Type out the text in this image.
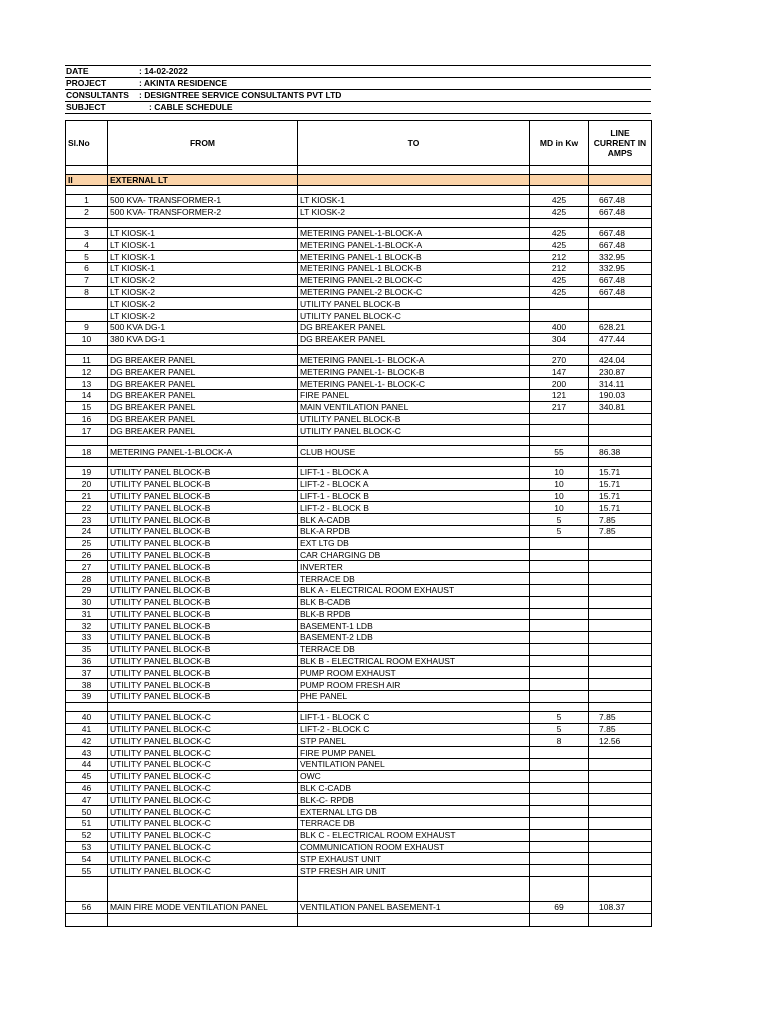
DATE	: 14-02-2022
PROJECT	: AKINTA RESIDENCE
CONSULTANTS : DESIGNTREE SERVICE CONSULTANTS PVT LTD
SUBJECT	: CABLE SCHEDULE
Sl.No	FROM	TO	MD in Kw	LINE CURRENT IN AMPS

II	EXTERNAL LT			

1	500 KVA- TRANSFORMER-1	LT KIOSK-1	425	667.48
2	500 KVA- TRANSFORMER-2	LT KIOSK-2	425	667.48

3	LT KIOSK-1	METERING PANEL-1-BLOCK-A	425	667.48
4	LT KIOSK-1	METERING PANEL-1-BLOCK-A	425	667.48
5	LT KIOSK-1	METERING PANEL-1 BLOCK-B	212	332.95
6	LT KIOSK-1	METERING PANEL-1 BLOCK-B	212	332.95
7	LT KIOSK-2	METERING PANEL-2 BLOCK-C	425	667.48
8	LT KIOSK-2	METERING PANEL-2 BLOCK-C	425	667.48
	LT KIOSK-2	UTILITY PANEL BLOCK-B		
	LT KIOSK-2	UTILITY PANEL BLOCK-C		
9	500 KVA DG-1	DG BREAKER PANEL	400	628.21
10	380 KVA DG-1	DG BREAKER PANEL	304	477.44

11	DG BREAKER PANEL	METERING PANEL-1- BLOCK-A	270	424.04
12	DG BREAKER PANEL	METERING PANEL-1- BLOCK-B	147	230.87
13	DG BREAKER PANEL	METERING PANEL-1- BLOCK-C	200	314.11
14	DG BREAKER PANEL	FIRE PANEL	121	190.03
15	DG BREAKER PANEL	MAIN VENTILATION PANEL	217	340.81
16	DG BREAKER PANEL	UTILITY PANEL BLOCK-B		
17	DG BREAKER PANEL	UTILITY PANEL BLOCK-C		

18	METERING PANEL-1-BLOCK-A	CLUB HOUSE	55	86.38

19	UTILITY PANEL BLOCK-B	LIFT-1 - BLOCK A	10	15.71
20	UTILITY PANEL BLOCK-B	LIFT-2 - BLOCK A	10	15.71
21	UTILITY PANEL BLOCK-B	LIFT-1 - BLOCK B	10	15.71
22	UTILITY PANEL BLOCK-B	LIFT-2 - BLOCK B	10	15.71
23	UTILITY PANEL BLOCK-B	BLK A-CADB	5	7.85
24	UTILITY PANEL BLOCK-B	BLK-A RPDB	5	7.85
25	UTILITY PANEL BLOCK-B	EXT LTG DB		
26	UTILITY PANEL BLOCK-B	CAR CHARGING DB		
27	UTILITY PANEL BLOCK-B	INVERTER		
28	UTILITY PANEL BLOCK-B	TERRACE DB		
29	UTILITY PANEL BLOCK-B	BLK A - ELECTRICAL ROOM EXHAUST		
30	UTILITY PANEL BLOCK-B	BLK B-CADB		
31	UTILITY PANEL BLOCK-B	BLK-B RPDB		
32	UTILITY PANEL BLOCK-B	BASEMENT-1 LDB		
33	UTILITY PANEL BLOCK-B	BASEMENT-2 LDB		
35	UTILITY PANEL BLOCK-B	TERRACE DB		
36	UTILITY PANEL BLOCK-B	BLK B - ELECTRICAL ROOM EXHAUST		
37	UTILITY PANEL BLOCK-B	PUMP ROOM EXHAUST		
38	UTILITY PANEL BLOCK-B	PUMP ROOM FRESH AIR		
39	UTILITY PANEL BLOCK-B	PHE PANEL		

40	UTILITY PANEL BLOCK-C	LIFT-1 - BLOCK C	5	7.85
41	UTILITY PANEL BLOCK-C	LIFT-2 - BLOCK C	5	7.85
42	UTILITY PANEL BLOCK-C	STP PANEL	8	12.56
43	UTILITY PANEL BLOCK-C	FIRE PUMP PANEL		
44	UTILITY PANEL BLOCK-C	VENTILATION PANEL		
45	UTILITY PANEL BLOCK-C	OWC		
46	UTILITY PANEL BLOCK-C	BLK C-CADB		
47	UTILITY PANEL BLOCK-C	BLK-C- RPDB		
50	UTILITY PANEL BLOCK-C	EXTERNAL LTG DB		
51	UTILITY PANEL BLOCK-C	TERRACE DB		
52	UTILITY PANEL BLOCK-C	BLK C - ELECTRICAL ROOM EXHAUST		
53	UTILITY PANEL BLOCK-C	COMMUNICATION ROOM EXHAUST		
54	UTILITY PANEL BLOCK-C	STP EXHAUST UNIT		
55	UTILITY PANEL BLOCK-C	STP FRESH AIR UNIT		

56	MAIN FIRE MODE VENTILATION PANEL	VENTILATION PANEL BASEMENT-1	69	108.37
